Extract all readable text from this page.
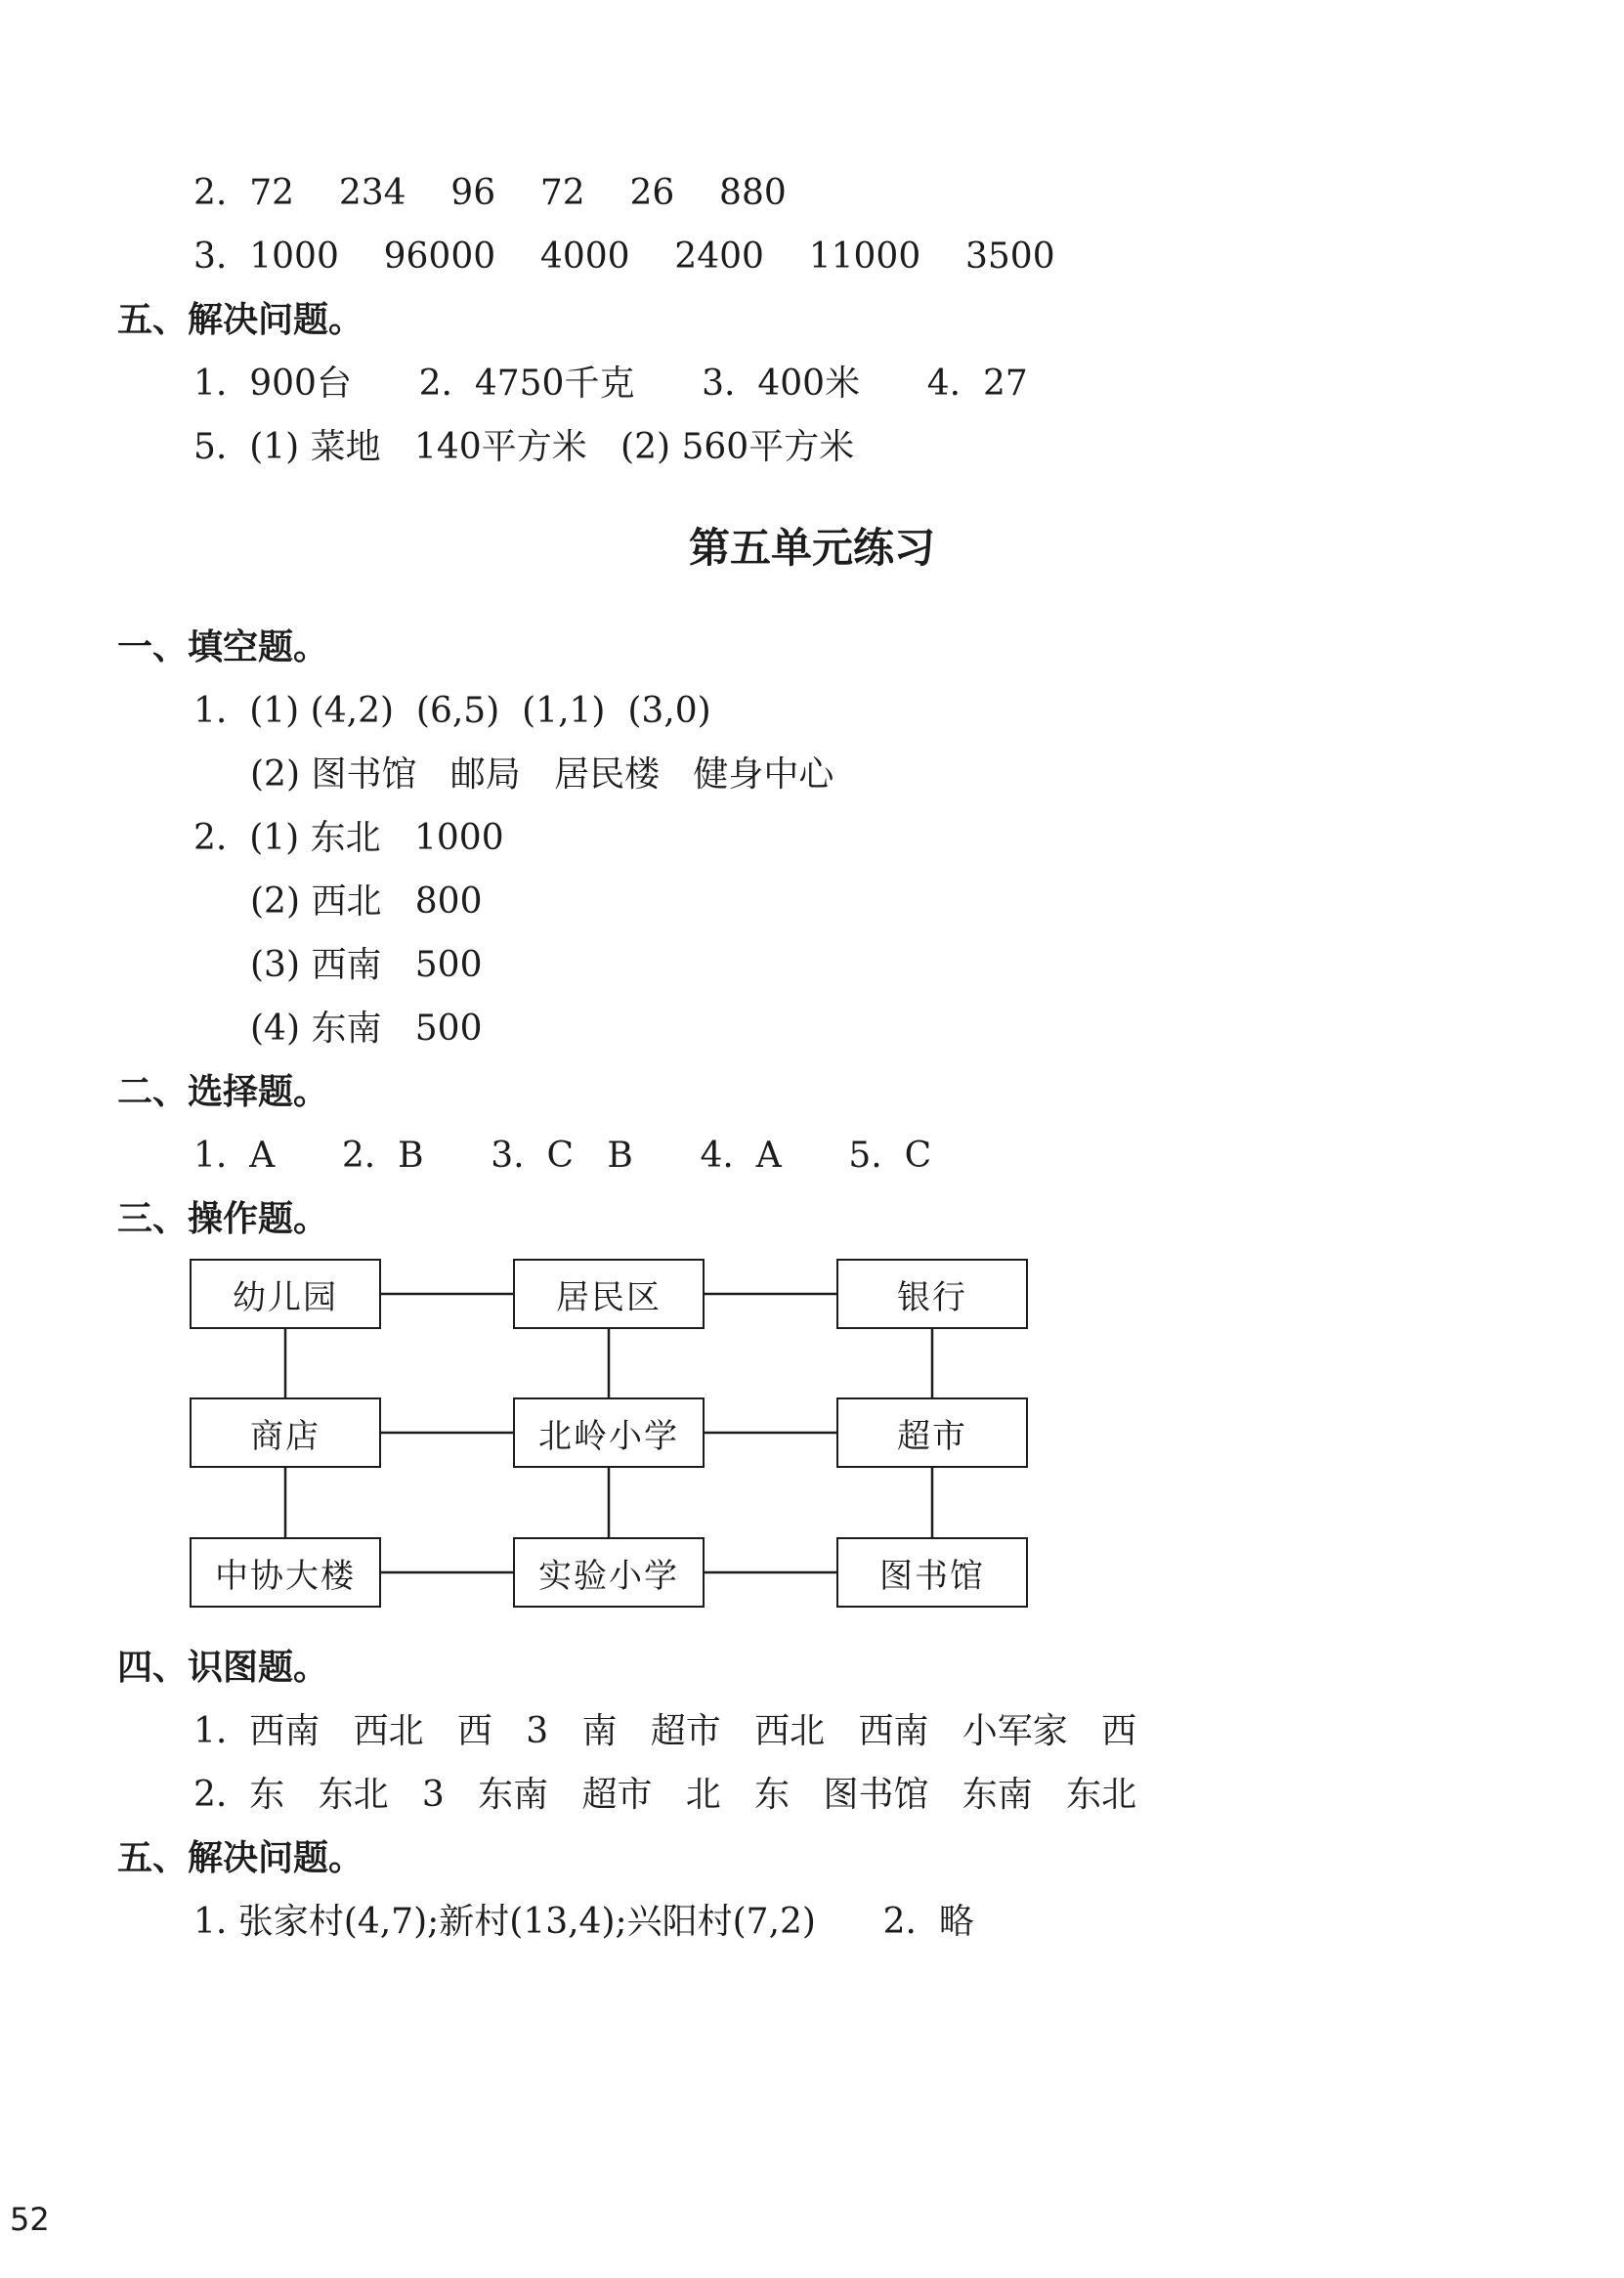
2.  72    234    96    72    26    880
3.  1000    96000    4000    2400    11000    3500
五、解决问题。
1.  900台      2.  4750千克      3.  400米      4.  27
5.  (1) 菜地   140平方米   (2) 560平方米
第五单元练习
一、填空题。
1.  (1) (4,2)  (6,5)  (1,1)  (3,0)
(2) 图书馆   邮局   居民楼   健身中心
2.  (1) 东北   1000
(2) 西北   800
(3) 西南   500
(4) 东南   500
二、选择题。
1.  A      2.  B      3.  C   B      4.  A      5.  C
三、操作题。
幼儿园	居民区	银行
商店	北岭小学	超市
中协大楼	实验小学	图书馆
四、识图题。
1.  西南   西北   西   3   南   超市   西北   西南   小军家   西
2.  东   东北   3   东南   超市   北   东   图书馆   东南   东北
五、解决问题。
1. 张家村(4,7);新村(13,4);兴阳村(7,2)      2.  略
52
